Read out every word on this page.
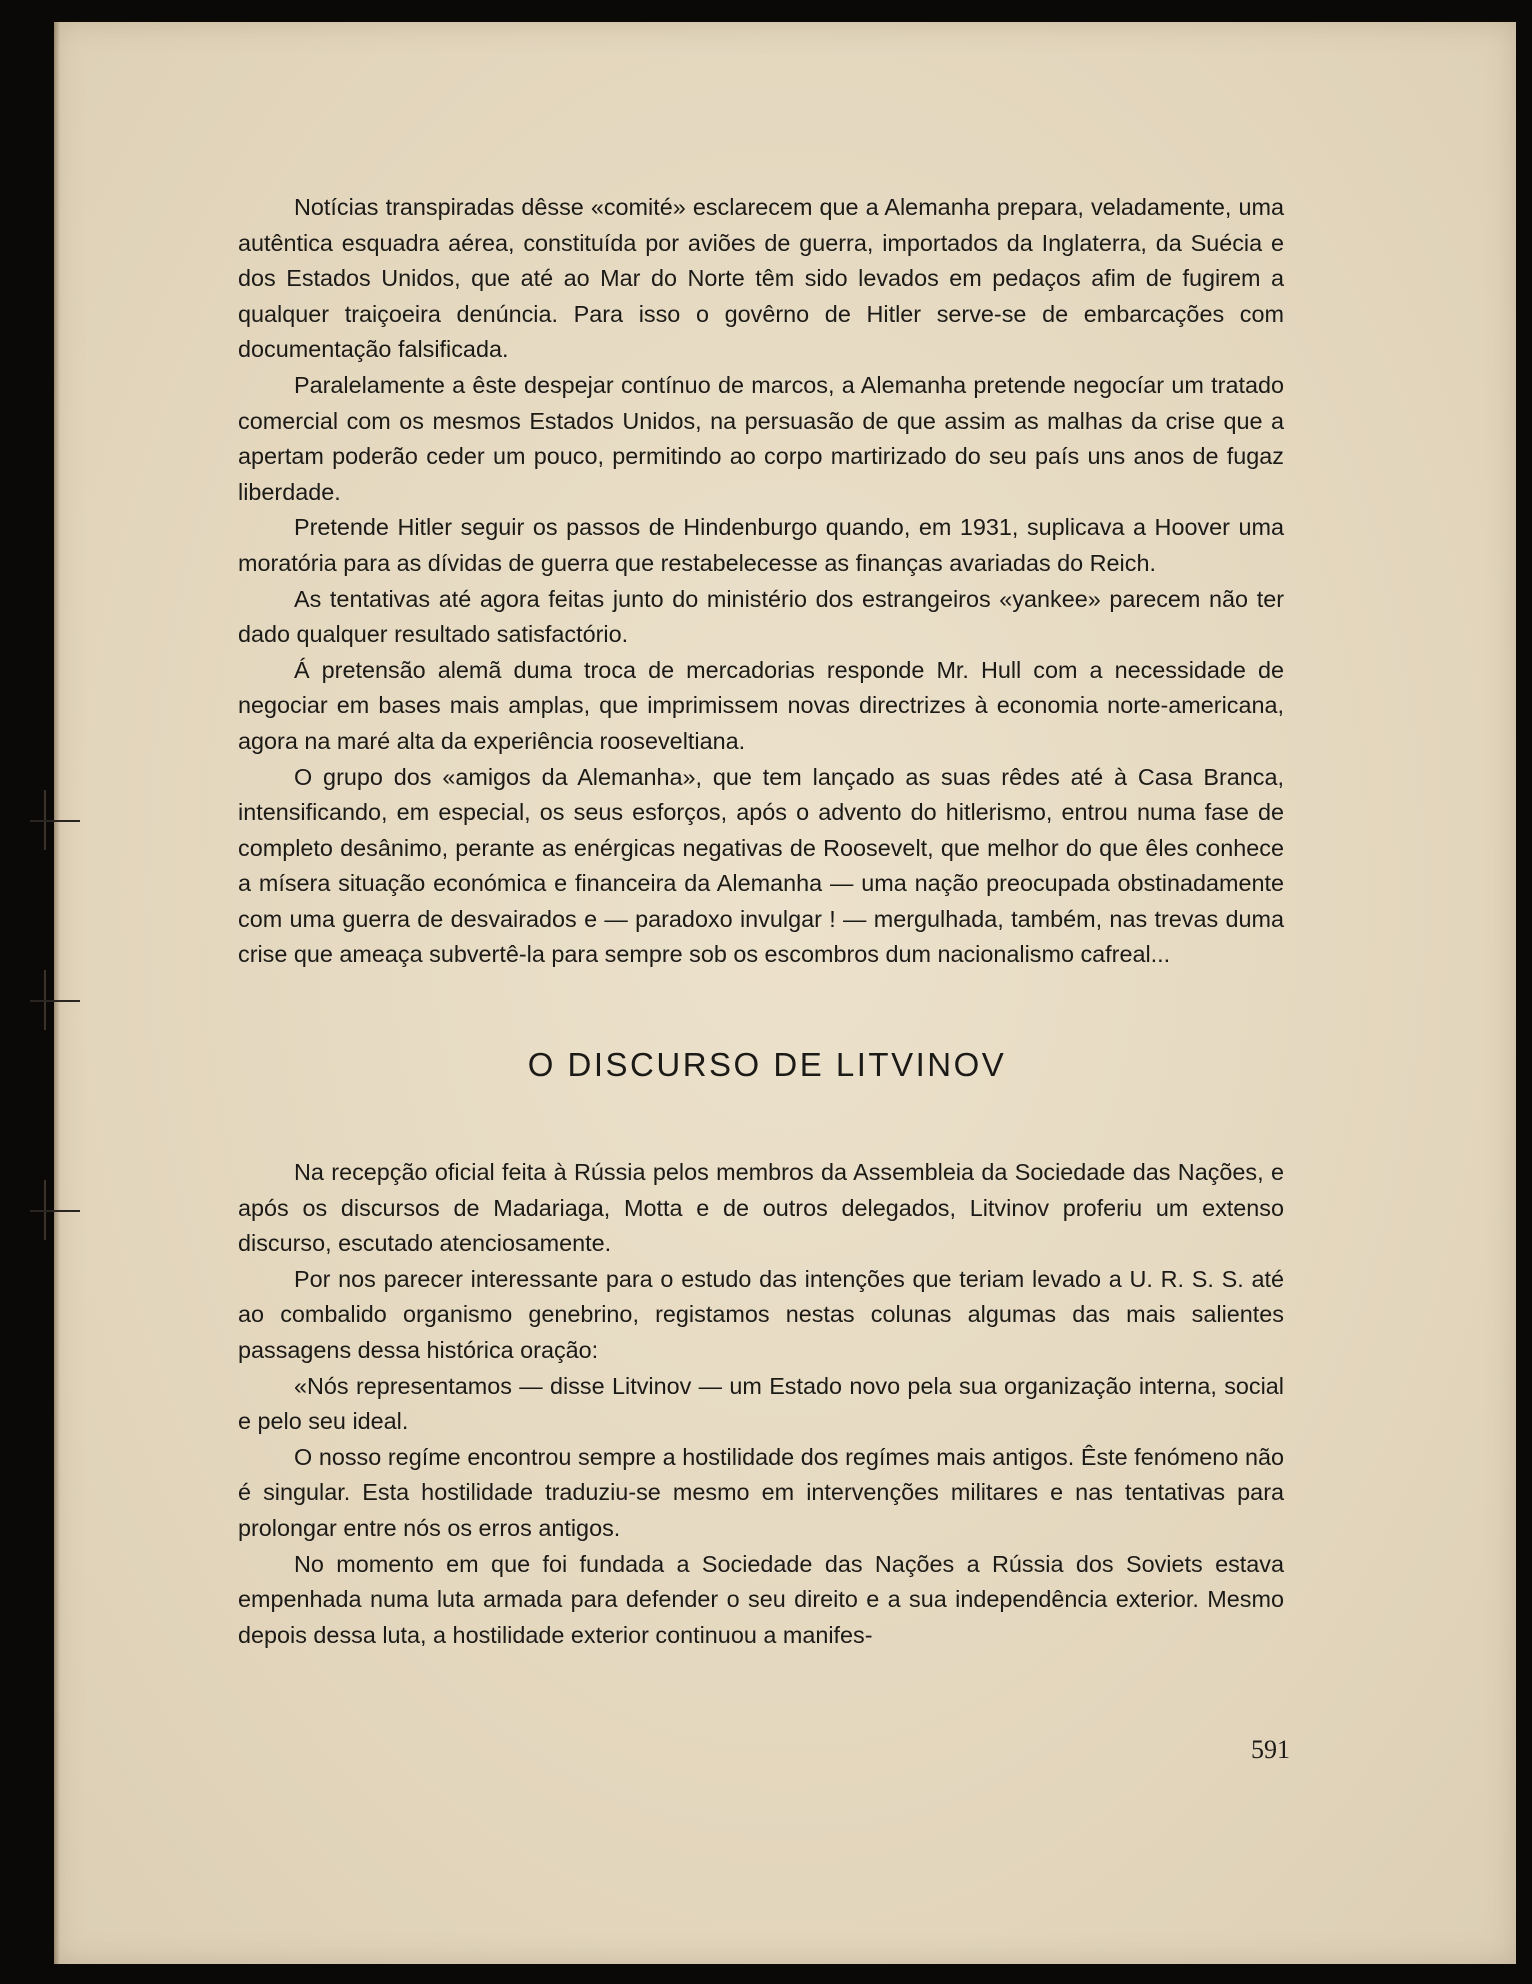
Notícias transpiradas dêsse «comité» esclarecem que a Alemanha prepara, veladamente, uma autêntica esquadra aérea, constituída por aviões de guerra, importados da Inglaterra, da Suécia e dos Estados Unidos, que até ao Mar do Norte têm sido levados em pedaços afim de fugirem a qualquer traiçoeira denúncia. Para isso o govêrno de Hitler serve-se de embarcações com documentação falsificada.

Paralelamente a êste despejar contínuo de marcos, a Alemanha pretende negocíar um tratado comercial com os mesmos Estados Unidos, na persuasão de que assim as malhas da crise que a apertam poderão ceder um pouco, permitindo ao corpo martirizado do seu país uns anos de fugaz liberdade.

Pretende Hitler seguir os passos de Hindenburgo quando, em 1931, suplicava a Hoover uma moratória para as dívidas de guerra que restabelecesse as finanças avariadas do Reich.

As tentativas até agora feitas junto do ministério dos estrangeiros «yankee» parecem não ter dado qualquer resultado satisfactório.

Á pretensão alemã duma troca de mercadorias responde Mr. Hull com a necessidade de negociar em bases mais amplas, que imprimissem novas directrizes à economia norte-americana, agora na maré alta da experiência rooseveltiana.

O grupo dos «amigos da Alemanha», que tem lançado as suas rêdes até à Casa Branca, intensificando, em especial, os seus esforços, após o advento do hitlerismo, entrou numa fase de completo desânimo, perante as enérgicas negativas de Roosevelt, que melhor do que êles conhece a mísera situação económica e financeira da Alemanha — uma nação preocupada obstinadamente com uma guerra de desvairados e — paradoxo invulgar ! — mergulhada, também, nas trevas duma crise que ameaça subvertê-la para sempre sob os escombros dum nacionalismo cafreal...

O DISCURSO DE LITVINOV

Na recepção oficial feita à Rússia pelos membros da Assembleia da Sociedade das Nações, e após os discursos de Madariaga, Motta e de outros delegados, Litvinov proferiu um extenso discurso, escutado atenciosamente.

Por nos parecer interessante para o estudo das intenções que teriam levado a U. R. S. S. até ao combalido organismo genebrino, registamos nestas colunas algumas das mais salientes passagens dessa histórica oração:

«Nós representamos — disse Litvinov — um Estado novo pela sua organização interna, social e pelo seu ideal.

O nosso regíme encontrou sempre a hostilidade dos regímes mais antigos. Êste fenómeno não é singular. Esta hostilidade traduziu-se mesmo em intervenções militares e nas tentativas para prolongar entre nós os erros antigos.

No momento em que foi fundada a Sociedade das Nações a Rússia dos Soviets estava empenhada numa luta armada para defender o seu direito e a sua independência exterior. Mesmo depois dessa luta, a hostilidade exterior continuou a manifes-

591
